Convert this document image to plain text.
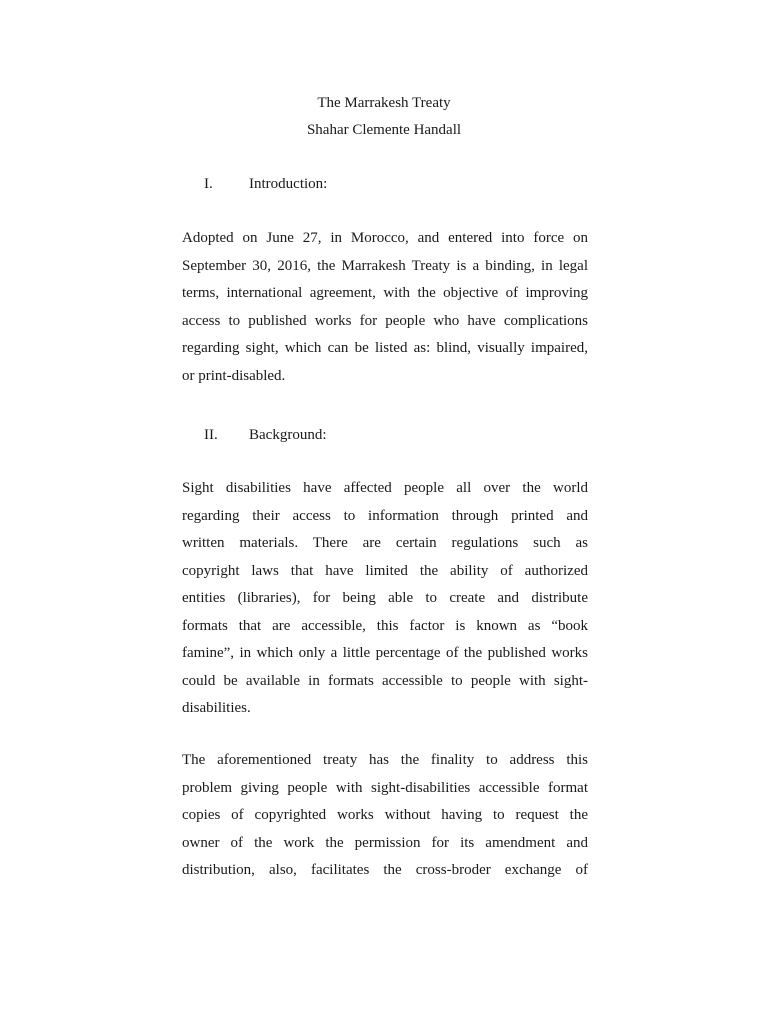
The Marrakesh Treaty
Shahar Clemente Handall
I. Introduction:
Adopted on June 27, in Morocco, and entered into force on
September 30, 2016, the Marrakesh Treaty is a binding, in legal
terms, international agreement, with the objective of improving
access to published works for people who have complications
regarding sight, which can be listed as: blind, visually impaired,
or print-disabled.
II. Background:
Sight disabilities have affected people all over the world
regarding their access to information through printed and
written materials. There are certain regulations such as
copyright laws that have limited the ability of authorized
entities (libraries), for being able to create and distribute
formats that are accessible, this factor is known as “book
famine”, in which only a little percentage of the published works
could be available in formats accessible to people with sight-
disabilities.
The aforementioned treaty has the finality to address this
problem giving people with sight-disabilities accessible format
copies of copyrighted works without having to request the
owner of the work the permission for its amendment and
distribution, also, facilitates the cross-broder exchange of
